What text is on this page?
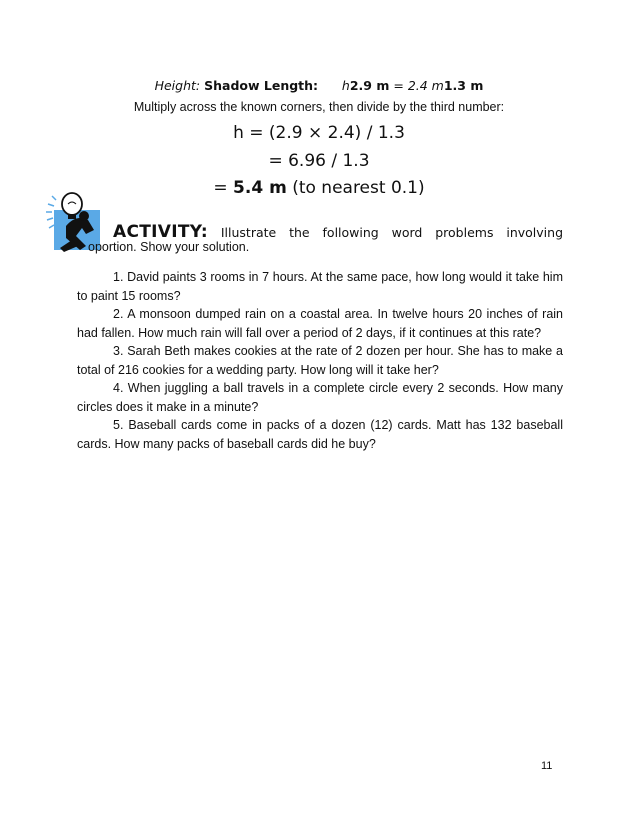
Height: Shadow Length: h2.9 m = 2.4 m1.3 m
Multiply across the known corners, then divide by the third number:
h = (2.9 × 2.4) / 1.3
= 6.96 / 1.3
= 5.4 m (to nearest 0.1)
ACTIVITY: Illustrate the following word problems involving
oportion. Show your solution.

1. David paints 3 rooms in 7 hours. At the same pace, how long would it take him to paint 15 rooms?

2. A monsoon dumped rain on a coastal area. In twelve hours 20 inches of rain had fallen. How much rain will fall over a period of 2 days, if it continues at this rate?

3. Sarah Beth makes cookies at the rate of 2 dozen per hour. She has to make a total of 216 cookies for a wedding party. How long will it take her?

4. When juggling a ball travels in a complete circle every 2 seconds. How many circles does it make in a minute?

5. Baseball cards come in packs of a dozen (12) cards. Matt has 132 baseball cards. How many packs of baseball cards did he buy?

11
